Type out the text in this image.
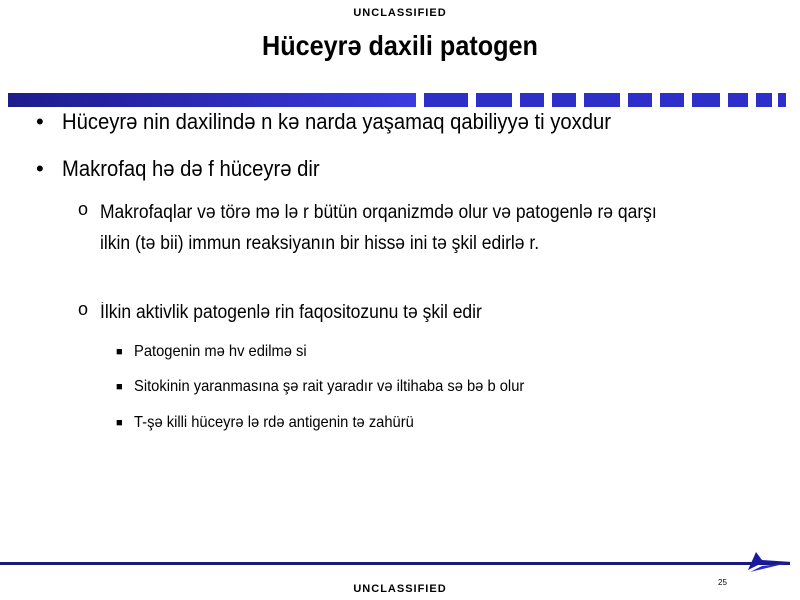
UNCLASSIFIED
Hüceyrə daxili patogen
• Hüceyrə nin daxilində n kə narda yaşamaq qabiliyyə ti yoxdur
• Makrofaq hə də f hüceyrə dir
o Makrofaqlar və törə mə lə r bütün orqanizmdə olur və patogenlə rə qarşı ilkin (tə bii) immun reaksiyanın bir hissə ini tə şkil edirlə r.
o İlkin aktivlik patogenlə rin faqositozunu tə şkil edir
■ Patogenin mə hv edilmə si
■ Sitokinin yaranmasına şə rait yaradır və iltihaba sə bə b olur
■ T-şə killi hüceyrə lə rdə antigenin tə zahürü
25
UNCLASSIFIED
